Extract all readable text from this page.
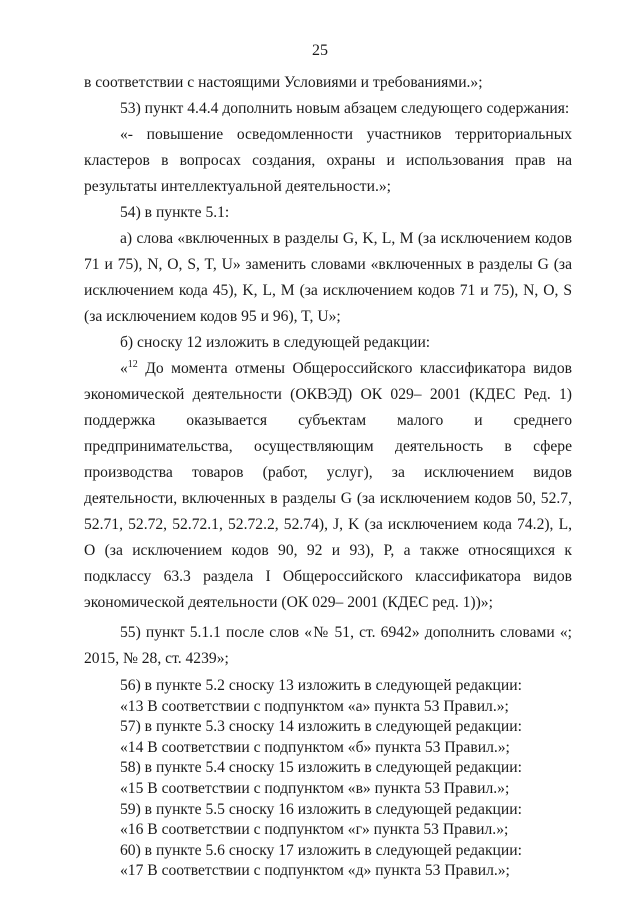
25

в соответствии с настоящими Условиями и требованиями.»;

53) пункт 4.4.4 дополнить новым абзацем следующего содержания:

«- повышение осведомленности участников территориальных кластеров в вопросах создания, охраны и использования прав на результаты интеллектуальной деятельности.»;

54) в пункте 5.1:

а) слова «включенных в разделы G, K, L, M (за исключением кодов 71 и 75), N, O, S, T, U» заменить словами «включенных в разделы G (за исключением кода 45), K, L, M (за исключением кодов 71 и 75), N, O, S (за исключением кодов 95 и 96), T, U»;

б) сноску 12 изложить в следующей редакции:

«$^{12}$ До момента отмены Общероссийского классификатора видов экономической деятельности (ОКВЭД) ОК 029– 2001 (КДЕС Ред. 1) поддержка оказывается субъектам малого и среднего предпринимательства, осуществляющим деятельность в сфере производства товаров (работ, услуг), за исключением видов деятельности, включенных в разделы G (за исключением кодов 50, 52.7, 52.71, 52.72, 52.72.1, 52.72.2, 52.74), J, K (за исключением кода 74.2), L, O (за исключением кодов 90, 92 и 93), P, а также относящихся к подклассу 63.3 раздела I Общероссийского классификатора видов экономической деятельности (ОК 029– 2001 (КДЕС ред. 1))»;

55) пункт 5.1.1 после слов «№ 51, ст. 6942» дополнить словами «; 2015, № 28, ст. 4239»;

56) в пункте 5.2 сноску 13 изложить в следующей редакции:

«13 В соответствии с подпунктом «а» пункта 53 Правил.»;

57) в пункте 5.3 сноску 14 изложить в следующей редакции:

«14 В соответствии с подпунктом «б» пункта 53 Правил.»;

58) в пункте 5.4 сноску 15 изложить в следующей редакции:

«15 В соответствии с подпунктом «в» пункта 53 Правил.»;

59) в пункте 5.5 сноску 16 изложить в следующей редакции:

«16 В соответствии с подпунктом «г» пункта 53 Правил.»;

60) в пункте 5.6 сноску 17 изложить в следующей редакции:

«17 В соответствии с подпунктом «д» пункта 53 Правил.»;
